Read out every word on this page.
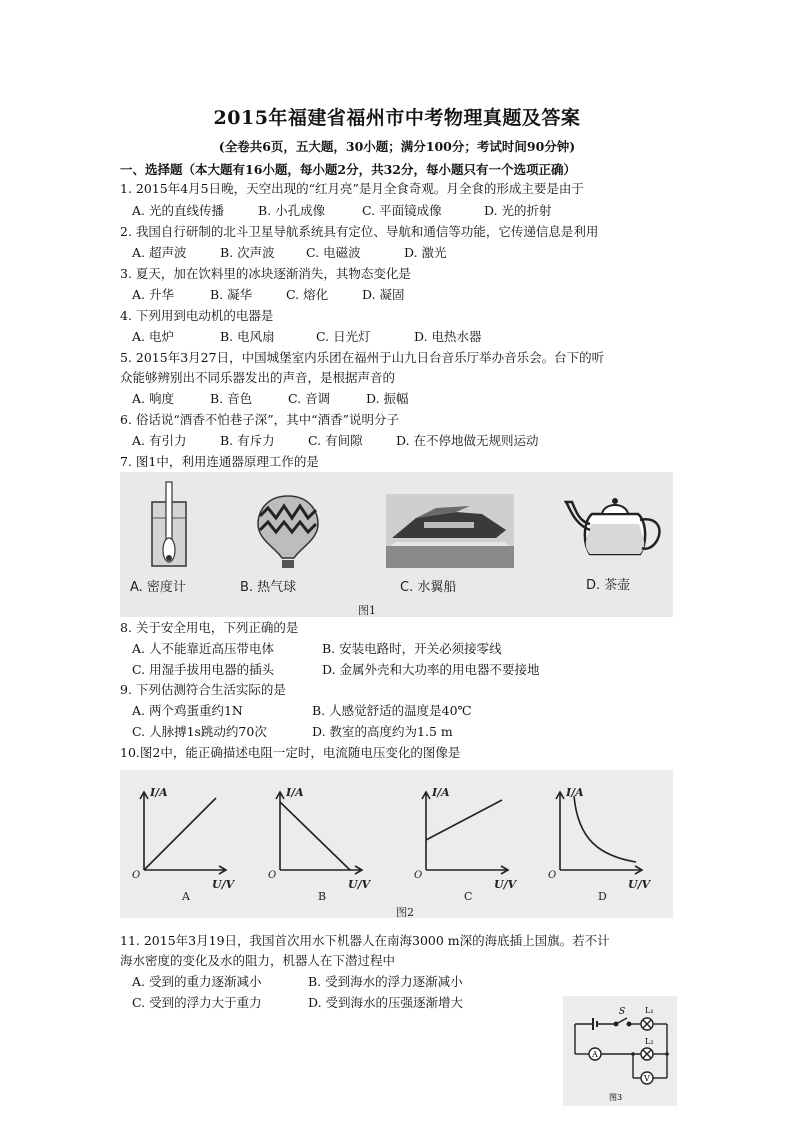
2015年福建省福州市中考物理真题及答案
(全卷共6页，五大题，30小题；满分100分；考试时间90分钟)
一、选择题（本大题有16小题，每小题2分，共32分，每小题只有一个选项正确）
1. 2015年4月5日晚，天空出现的“红月亮”是月全食奇观。月全食的形成主要是由于
A. 光的直线传播	B. 小孔成像	C. 平面镜成像	D. 光的折射
2. 我国自行研制的北斗卫星导航系统具有定位、导航和通信等功能，它传递信息是利用
A. 超声波	B. 次声波	C. 电磁波	D. 激光
3. 夏天，加在饮料里的冰块逐渐消失，其物态变化是
A. 升华	B. 凝华	C. 熔化	D. 凝固
4. 下列用到电动机的电器是
A. 电炉	B. 电风扇	C. 日光灯	D. 电热水器
5. 2015年3月27日，中国城堡室内乐团在福州于山九日台音乐厅举办音乐会。台下的听
众能够辨别出不同乐器发出的声音，是根据声音的
A. 响度	B. 音色	C. 音调	D. 振幅
6. 俗话说“酒香不怕巷子深”，其中“酒香”说明分子
A. 有引力	B. 有斥力	C. 有间隙	D. 在不停地做无规则运动
7. 图1中，利用连通器原理工作的是
A. 密度计	B. 热气球	C. 水翼船	D. 茶壶
图1
8. 关于安全用电，下列正确的是
A. 人不能靠近高压带电体	B. 安装电路时，开关必须接零线
C. 用湿手拔用电器的插头	D. 金属外壳和大功率的用电器不要接地
9. 下列估测符合生活实际的是
A. 两个鸡蛋重约1N	B. 人感觉舒适的温度是40℃
C. 人脉搏1s跳动约70次	D. 教室的高度约为1.5 m
10.图2中，能正确描述电阻一定时，电流随电压变化的图像是
I/A
U/V
O
A
I/A
U/V
O
B
I/A
U/V
O
C
I/A
U/V
O
D
图2
11. 2015年3月19日，我国首次用水下机器人在南海3000 m深的海底插上国旗。若不计
海水密度的变化及水的阻力，机器人在下潜过程中
A. 受到的重力逐渐减小	B. 受到海水的浮力逐渐减小
C. 受到的浮力大于重力	D. 受到海水的压强逐渐增大
S L₁
L₂
A
V
图3
